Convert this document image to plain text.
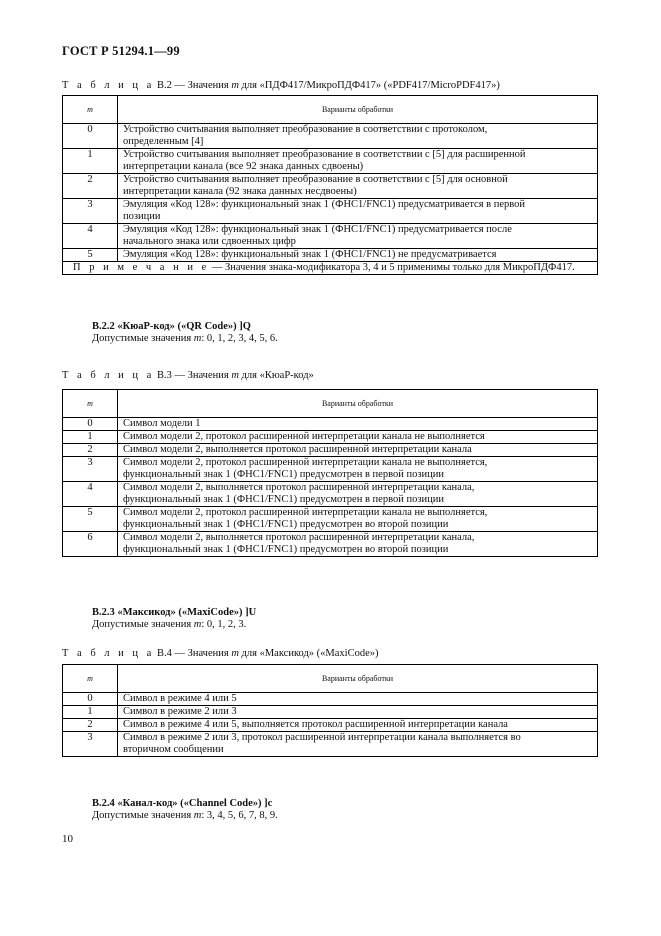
ГОСТ Р 51294.1—99
Т а б л и ц а В.2 — Значения m для «ПДФ417/МикроПДФ417» («PDF417/MicroPDF417»)
m	Варианты обработки
0	Устройство считывания выполняет преобразование в соответствии с протоколом,
определенным [4]

1	Устройство считывания выполняет преобразование в соответствии с [5] для расширенной
интерпретации канала (все 92 знака данных сдвоены)

2	Устройство считывания выполняет преобразование в соответствии с [5] для основной
интерпретации канала (92 знака данных несдвоены)

3	Эмуляция «Код 128»: функциональный знак 1 (ФНС1/FNC1) предусматривается в первой
позиции

4	Эмуляция «Код 128»: функциональный знак 1 (ФНС1/FNC1) предусматривается после
начального знака или сдвоенных цифр

5	Эмуляция «Код 128»: функциональный знак 1 (ФНС1/FNC1) не предусматривается

П р и м е ч а н и е — Значения знака-модификатора 3, 4 и 5 применимы только для МикроПДФ417.	
В.2.2 «КюаР-код» («QR Code») ]Q
Допустимые значения m: 0, 1, 2, 3, 4, 5, 6.
Т а б л и ц а В.3 — Значения m для «КюаР-код»
m	Варианты обработки
0	Символ модели 1

1	Символ модели 2, протокол расширенной интерпретации канала не выполняется

2	Символ модели 2, выполняется протокол расширенной интерпретации канала

3	Символ модели 2, протокол расширенной интерпретации канала не выполняется,
функциональный знак 1 (ФНС1/FNC1) предусмотрен в первой позиции

4	Символ модели 2, выполняется протокол расширенной интерпретации канала,
функциональный знак 1 (ФНС1/FNC1) предусмотрен в первой позиции

5	Символ модели 2, протокол расширенной интерпретации канала не выполняется,
функциональный знак 1 (ФНС1/FNC1) предусмотрен во второй позиции

6	Символ модели 2, выполняется протокол расширенной интерпретации канала,
функциональный знак 1 (ФНС1/FNC1) предусмотрен во второй позиции
В.2.3 «Максикод» («MaxiCode») ]U
Допустимые значения m: 0, 1, 2, 3.
Т а б л и ц а В.4 — Значения m для «Максикод» («MaxiCode»)
m	Варианты обработки
0	Символ в режиме 4 или 5

1	Символ в режиме 2 или 3

2	Символ в режиме 4 или 5, выполняется протокол расширенной интерпретации канала

3	Символ в режиме 2 или 3, протокол расширенной интерпретации канала выполняется во
вторичном сообщении
В.2.4 «Канал-код» («Channel Code») ]c
Допустимые значения m: 3, 4, 5, 6, 7, 8, 9.
10
